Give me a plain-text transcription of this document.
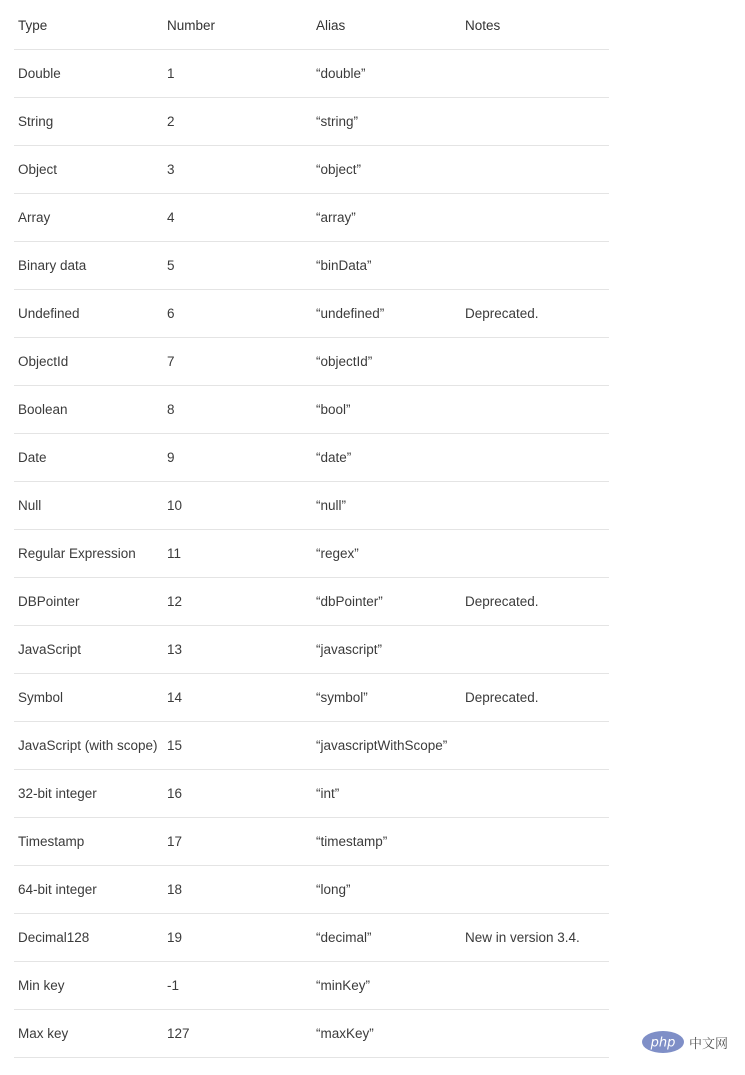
Type	Number	Alias	Notes
Double	1	“double”	
String	2	“string”	
Object	3	“object”	
Array	4	“array”	
Binary data	5	“binData”	
Undefined	6	“undefined”	Deprecated.
ObjectId	7	“objectId”	
Boolean	8	“bool”	
Date	9	“date”	
Null	10	“null”	
Regular Expression	11	“regex”	
DBPointer	12	“dbPointer”	Deprecated.
JavaScript	13	“javascript”	
Symbol	14	“symbol”	Deprecated.
JavaScript (with scope)	15	“javascriptWithScope”	
32-bit integer	16	“int”	
Timestamp	17	“timestamp”	
64-bit integer	18	“long”	
Decimal128	19	“decimal”	New in version 3.4.
Min key	-1	“minKey”	
Max key	127	“maxKey”	
php 中文网
